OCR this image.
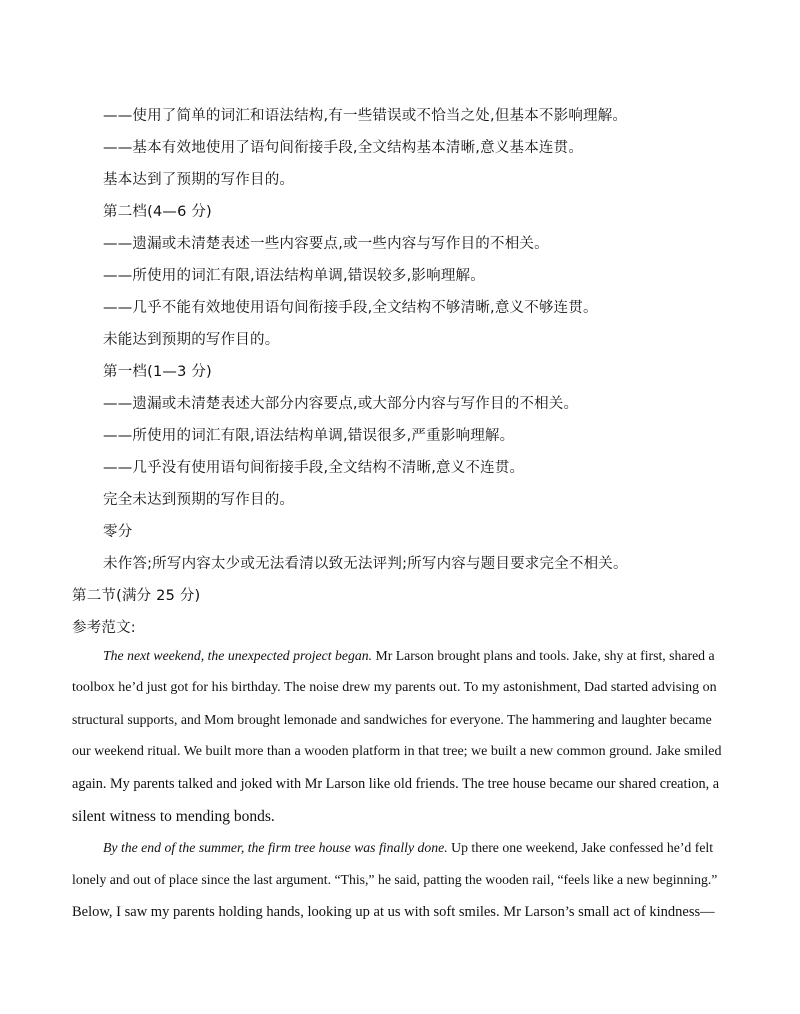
——使用了简单的词汇和语法结构,有一些错误或不恰当之处,但基本不影响理解。
——基本有效地使用了语句间衔接手段,全文结构基本清晰,意义基本连贯。
基本达到了预期的写作目的。
第二档(4—6 分)
——遗漏或未清楚表述一些内容要点,或一些内容与写作目的不相关。
——所使用的词汇有限,语法结构单调,错误较多,影响理解。
——几乎不能有效地使用语句间衔接手段,全文结构不够清晰,意义不够连贯。
未能达到预期的写作目的。
第一档(1—3 分)
——遗漏或未清楚表述大部分内容要点,或大部分内容与写作目的不相关。
——所使用的词汇有限,语法结构单调,错误很多,严重影响理解。
——几乎没有使用语句间衔接手段,全文结构不清晰,意义不连贯。
完全未达到预期的写作目的。
零分
未作答;所写内容太少或无法看清以致无法评判;所写内容与题目要求完全不相关。
第二节(满分 25 分)
参考范文:
The next weekend, the unexpected project began. Mr Larson brought plans and tools. Jake, shy at first, shared a
toolbox he’d just got for his birthday. The noise drew my parents out. To my astonishment, Dad started advising on
structural supports, and Mom brought lemonade and sandwiches for everyone. The hammering and laughter became
our weekend ritual. We built more than a wooden platform in that tree; we built a new common ground. Jake smiled
again. My parents talked and joked with Mr Larson like old friends. The tree house became our shared creation, a
silent witness to mending bonds.
By the end of the summer, the firm tree house was finally done. Up there one weekend, Jake confessed he’d felt
lonely and out of place since the last argument. “This,” he said, patting the wooden rail, “feels like a new beginning.”
Below, I saw my parents holding hands, looking up at us with soft smiles. Mr Larson’s small act of kindness—
